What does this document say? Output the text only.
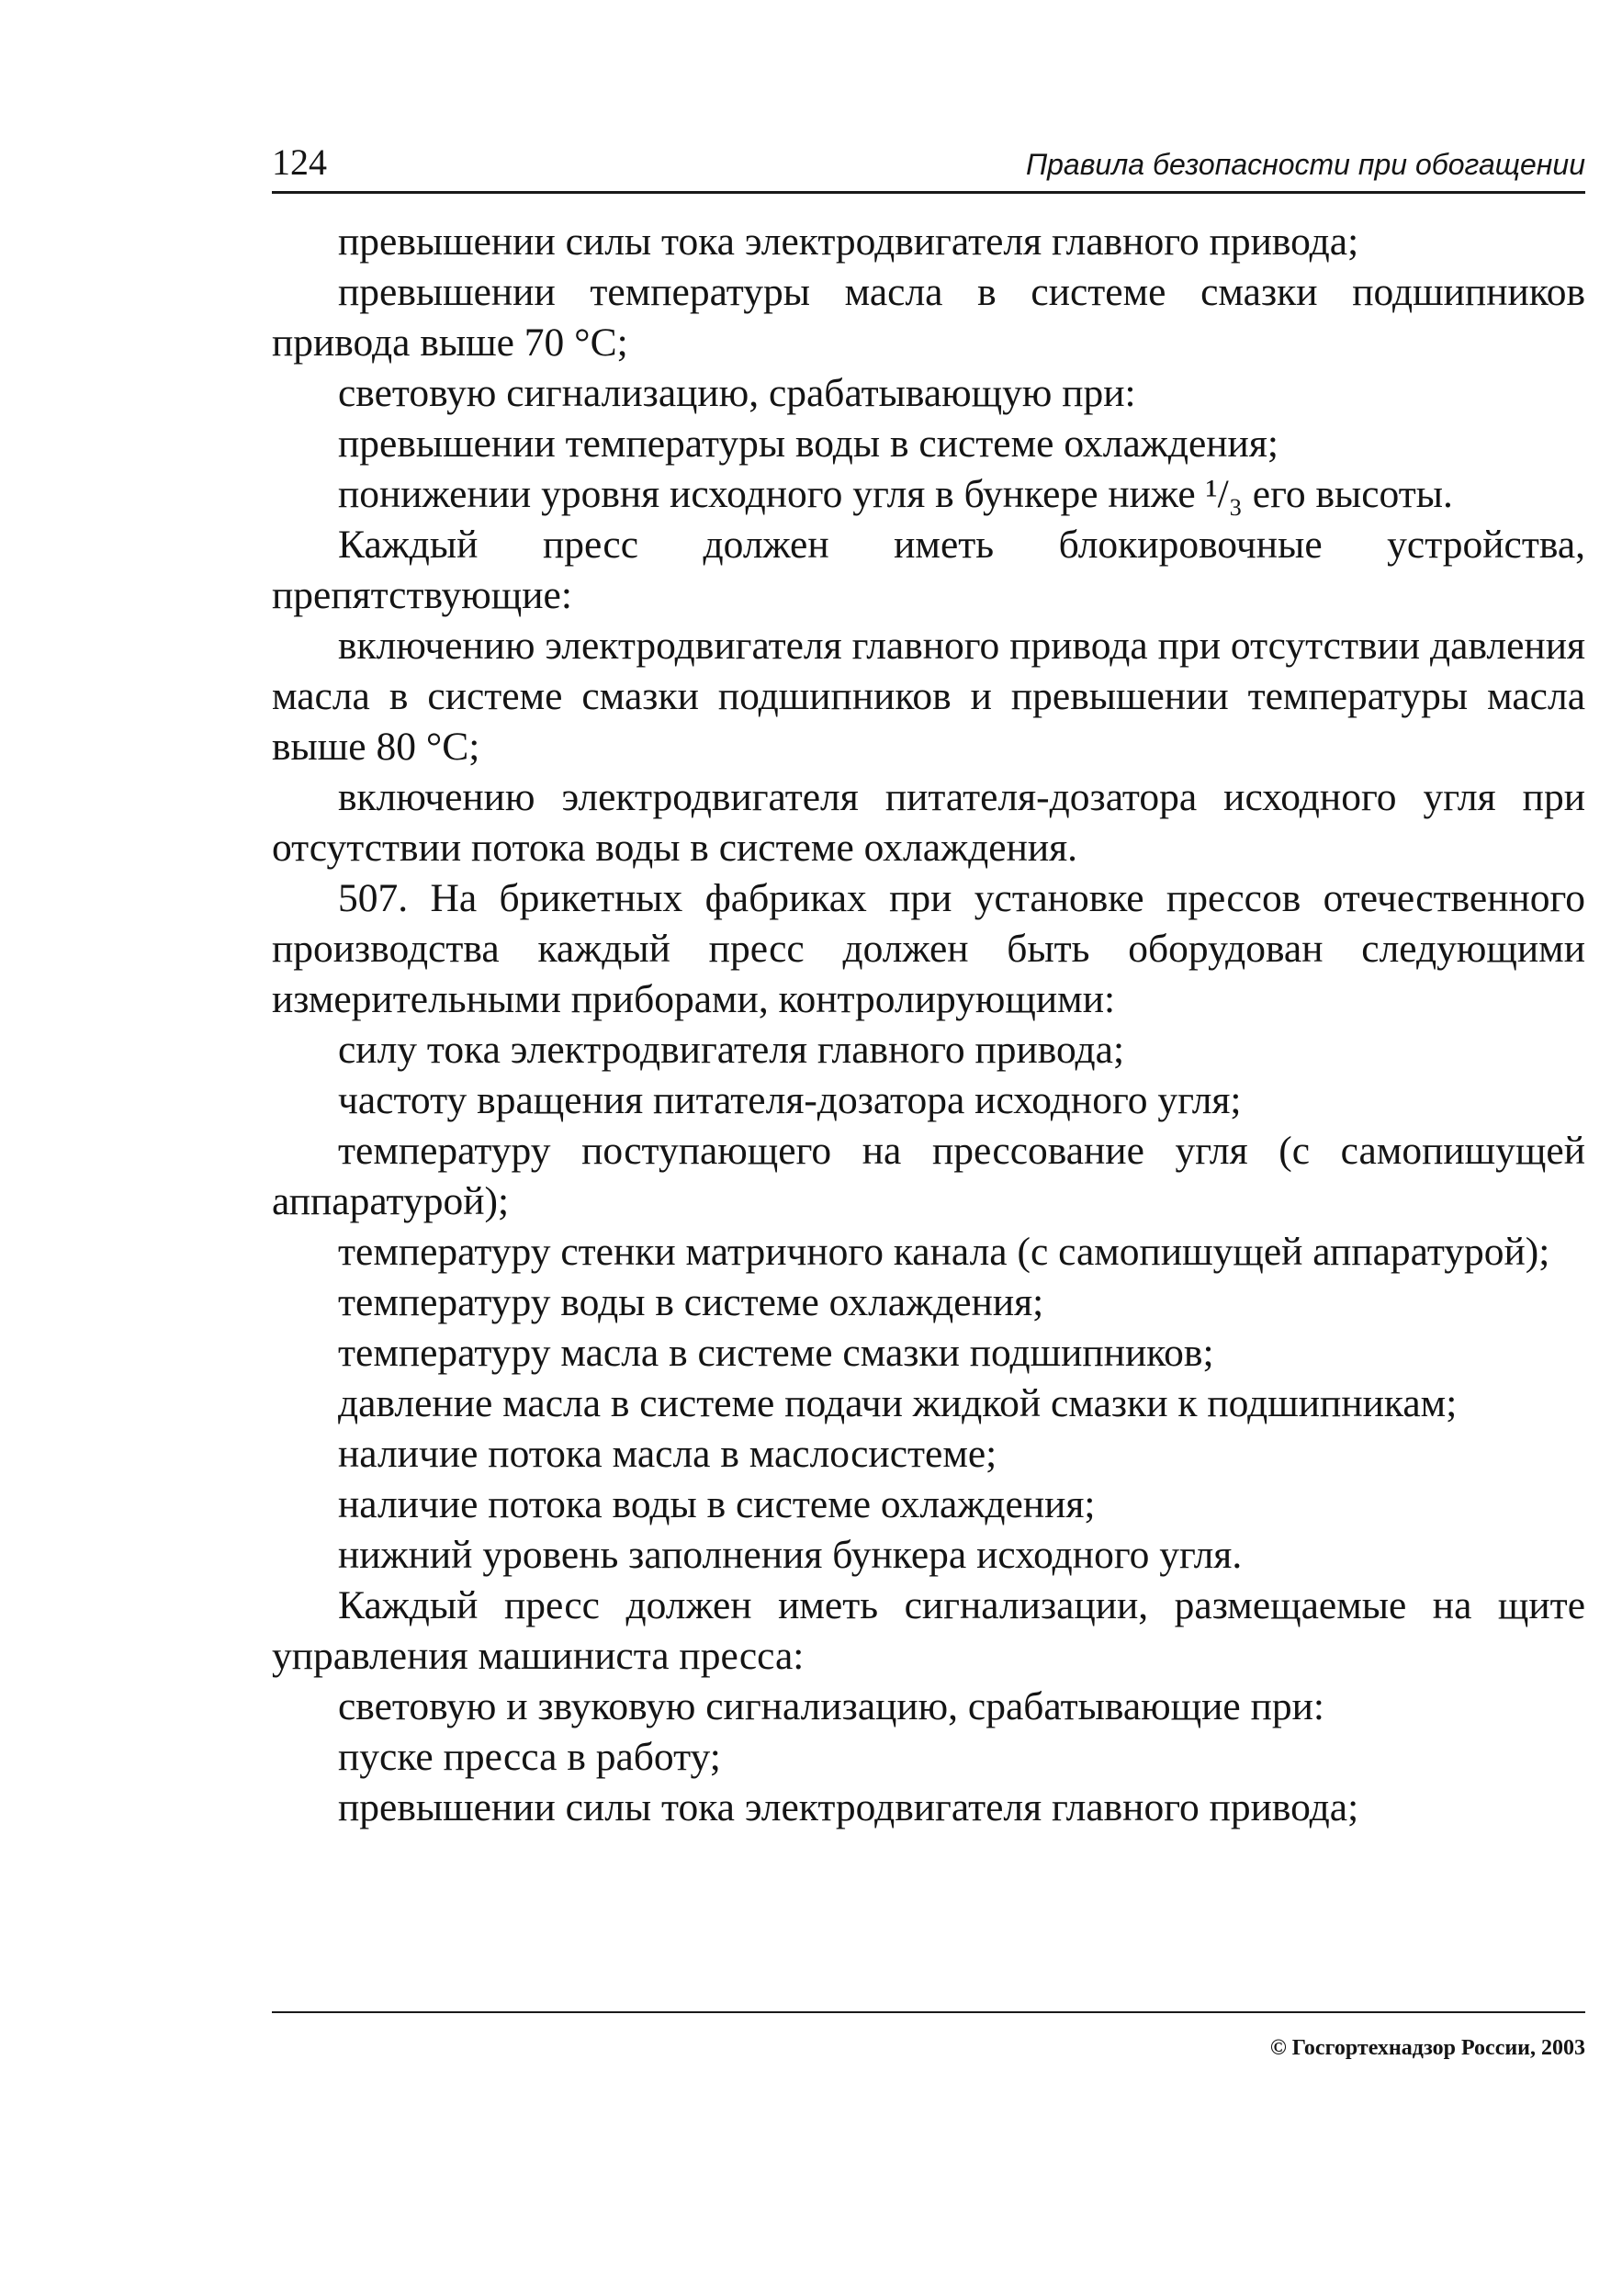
124	Правила безопасности при обогащении

превышении силы тока электродвигателя главного привода;

превышении температуры масла в системе смазки подшипников привода выше 70 °С;

световую сигнализацию, срабатывающую при:

превышении температуры воды в системе охлаждения;

понижении уровня исходного угля в бункере ниже ¹/₃ его высоты.

Каждый пресс должен иметь блокировочные устройства, препятствующие:

включению электродвигателя главного привода при отсутствии давления масла в системе смазки подшипников и превышении температуры масла выше 80 °С;

включению электродвигателя питателя-дозатора исходного угля при отсутствии потока воды в системе охлаждения.

507. На брикетных фабриках при установке прессов отечественного производства каждый пресс должен быть оборудован следующими измерительными приборами, контролирующими:

силу тока электродвигателя главного привода;

частоту вращения питателя-дозатора исходного угля;

температуру поступающего на прессование угля (с самопишущей аппаратурой);

температуру стенки матричного канала (с самопишущей аппаратурой);

температуру воды в системе охлаждения;

температуру масла в системе смазки подшипников;

давление масла в системе подачи жидкой смазки к подшипникам;

наличие потока масла в маслосистеме;

наличие потока воды в системе охлаждения;

нижний уровень заполнения бункера исходного угля.

Каждый пресс должен иметь сигнализации, размещаемые на щите управления машиниста пресса:

световую и звуковую сигнализацию, срабатывающие при:

пуске пресса в работу;

превышении силы тока электродвигателя главного привода;

© Госгортехнадзор России, 2003
